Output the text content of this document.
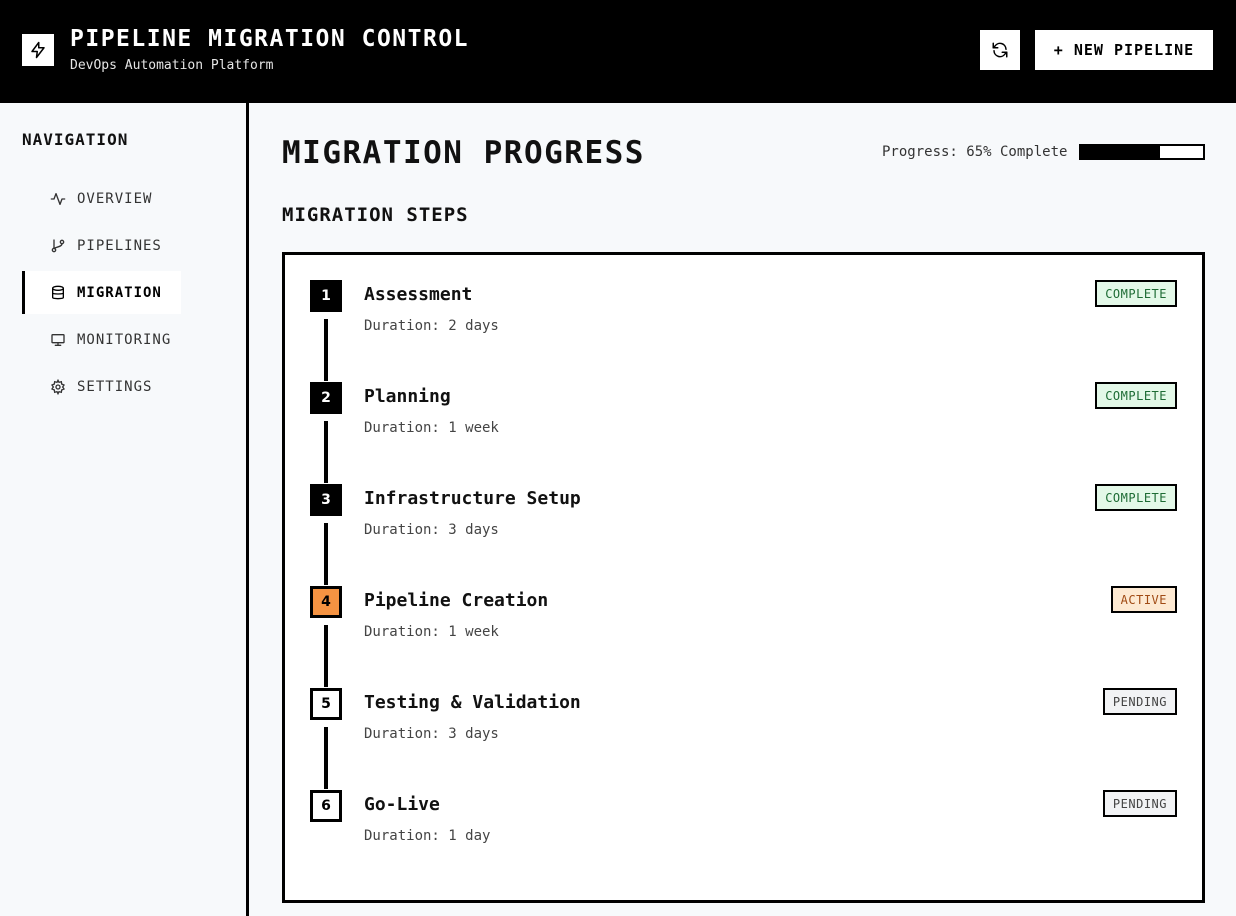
PIPELINE MIGRATION CONTROL
DevOps Automation Platform
+ NEW PIPELINE
NAVIGATION
OVERVIEW
PIPELINES
MIGRATION
MONITORING
SETTINGS
MIGRATION PROGRESS	Progress: 65% Complete
MIGRATION STEPS
1	Assessment
Duration: 2 days
COMPLETE
2	Planning
Duration: 1 week
COMPLETE
3	Infrastructure Setup
Duration: 3 days
COMPLETE
4	Pipeline Creation
Duration: 1 week
ACTIVE
5	Testing & Validation
Duration: 3 days
PENDING
6	Go-Live
Duration: 1 day
PENDING
